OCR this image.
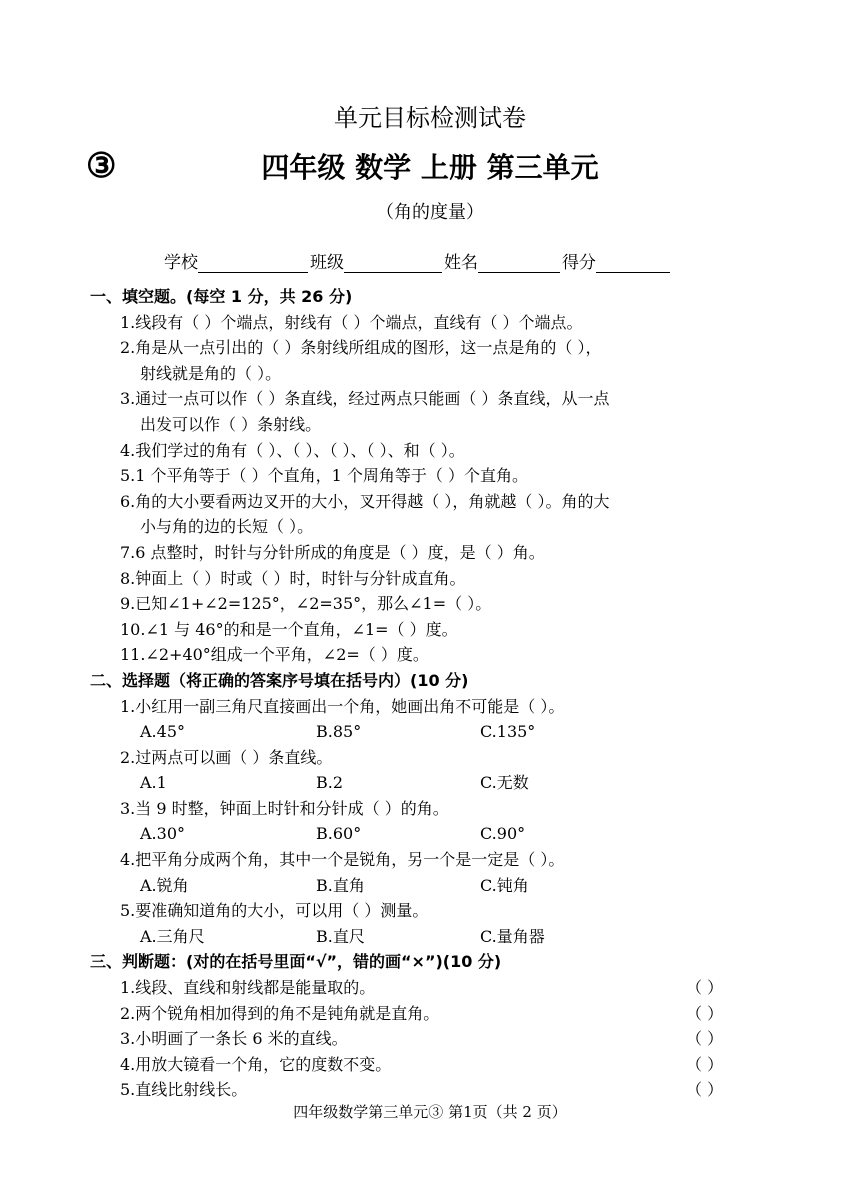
单元目标检测试卷
③	四年级 数学 上册 第三单元
（角的度量）
学校	班级	姓名	得分
一、填空题。(每空 1 分，共 26 分)
1.线段有（ ）个端点，射线有（ ）个端点，直线有（ ）个端点。
2.角是从一点引出的（ ）条射线所组成的图形，这一点是角的（ ），
射线就是角的（ ）。
3.通过一点可以作（ ）条直线，经过两点只能画（ ）条直线，从一点
出发可以作（ ）条射线。
4.我们学过的角有（ ）、（ ）、（ ）、（ ）、和（ ）。
5.1 个平角等于（ ）个直角，1 个周角等于（ ）个直角。
6.角的大小要看两边叉开的大小，叉开得越（ ），角就越（ ）。角的大
小与角的边的长短（ ）。
7.6 点整时，时针与分针所成的角度是（ ）度，是（ ）角。
8.钟面上（ ）时或（ ）时，时针与分针成直角。
9.已知∠1+∠2=125°，∠2=35°，那么∠1=（ ）。
10.∠1 与 46°的和是一个直角，∠1=（ ）度。
11.∠2+40°组成一个平角，∠2=（ ）度。
二、选择题（将正确的答案序号填在括号内）(10 分)
1.小红用一副三角尺直接画出一个角，她画出角不可能是（ ）。
A.45°	B.85°	C.135°
2.过两点可以画（ ）条直线。
A.1	B.2	C.无数
3.当 9 时整，钟面上时针和分针成（ ）的角。
A.30°	B.60°	C.90°
4.把平角分成两个角，其中一个是锐角，另一个是一定是（ ）。
A.锐角	B.直角	C.钝角
5.要准确知道角的大小，可以用（ ）测量。
A.三角尺	B.直尺	C.量角器
三、判断题：(对的在括号里面“√”，错的画“×”)(10 分)
1.线段、直线和射线都是能量取的。	（ ）
2.两个锐角相加得到的角不是钝角就是直角。	（ ）
3.小明画了一条长 6 米的直线。	（ ）
4.用放大镜看一个角，它的度数不变。	（ ）
5.直线比射线长。	（ ）
四年级数学第三单元③ 第1页（共 2 页）
